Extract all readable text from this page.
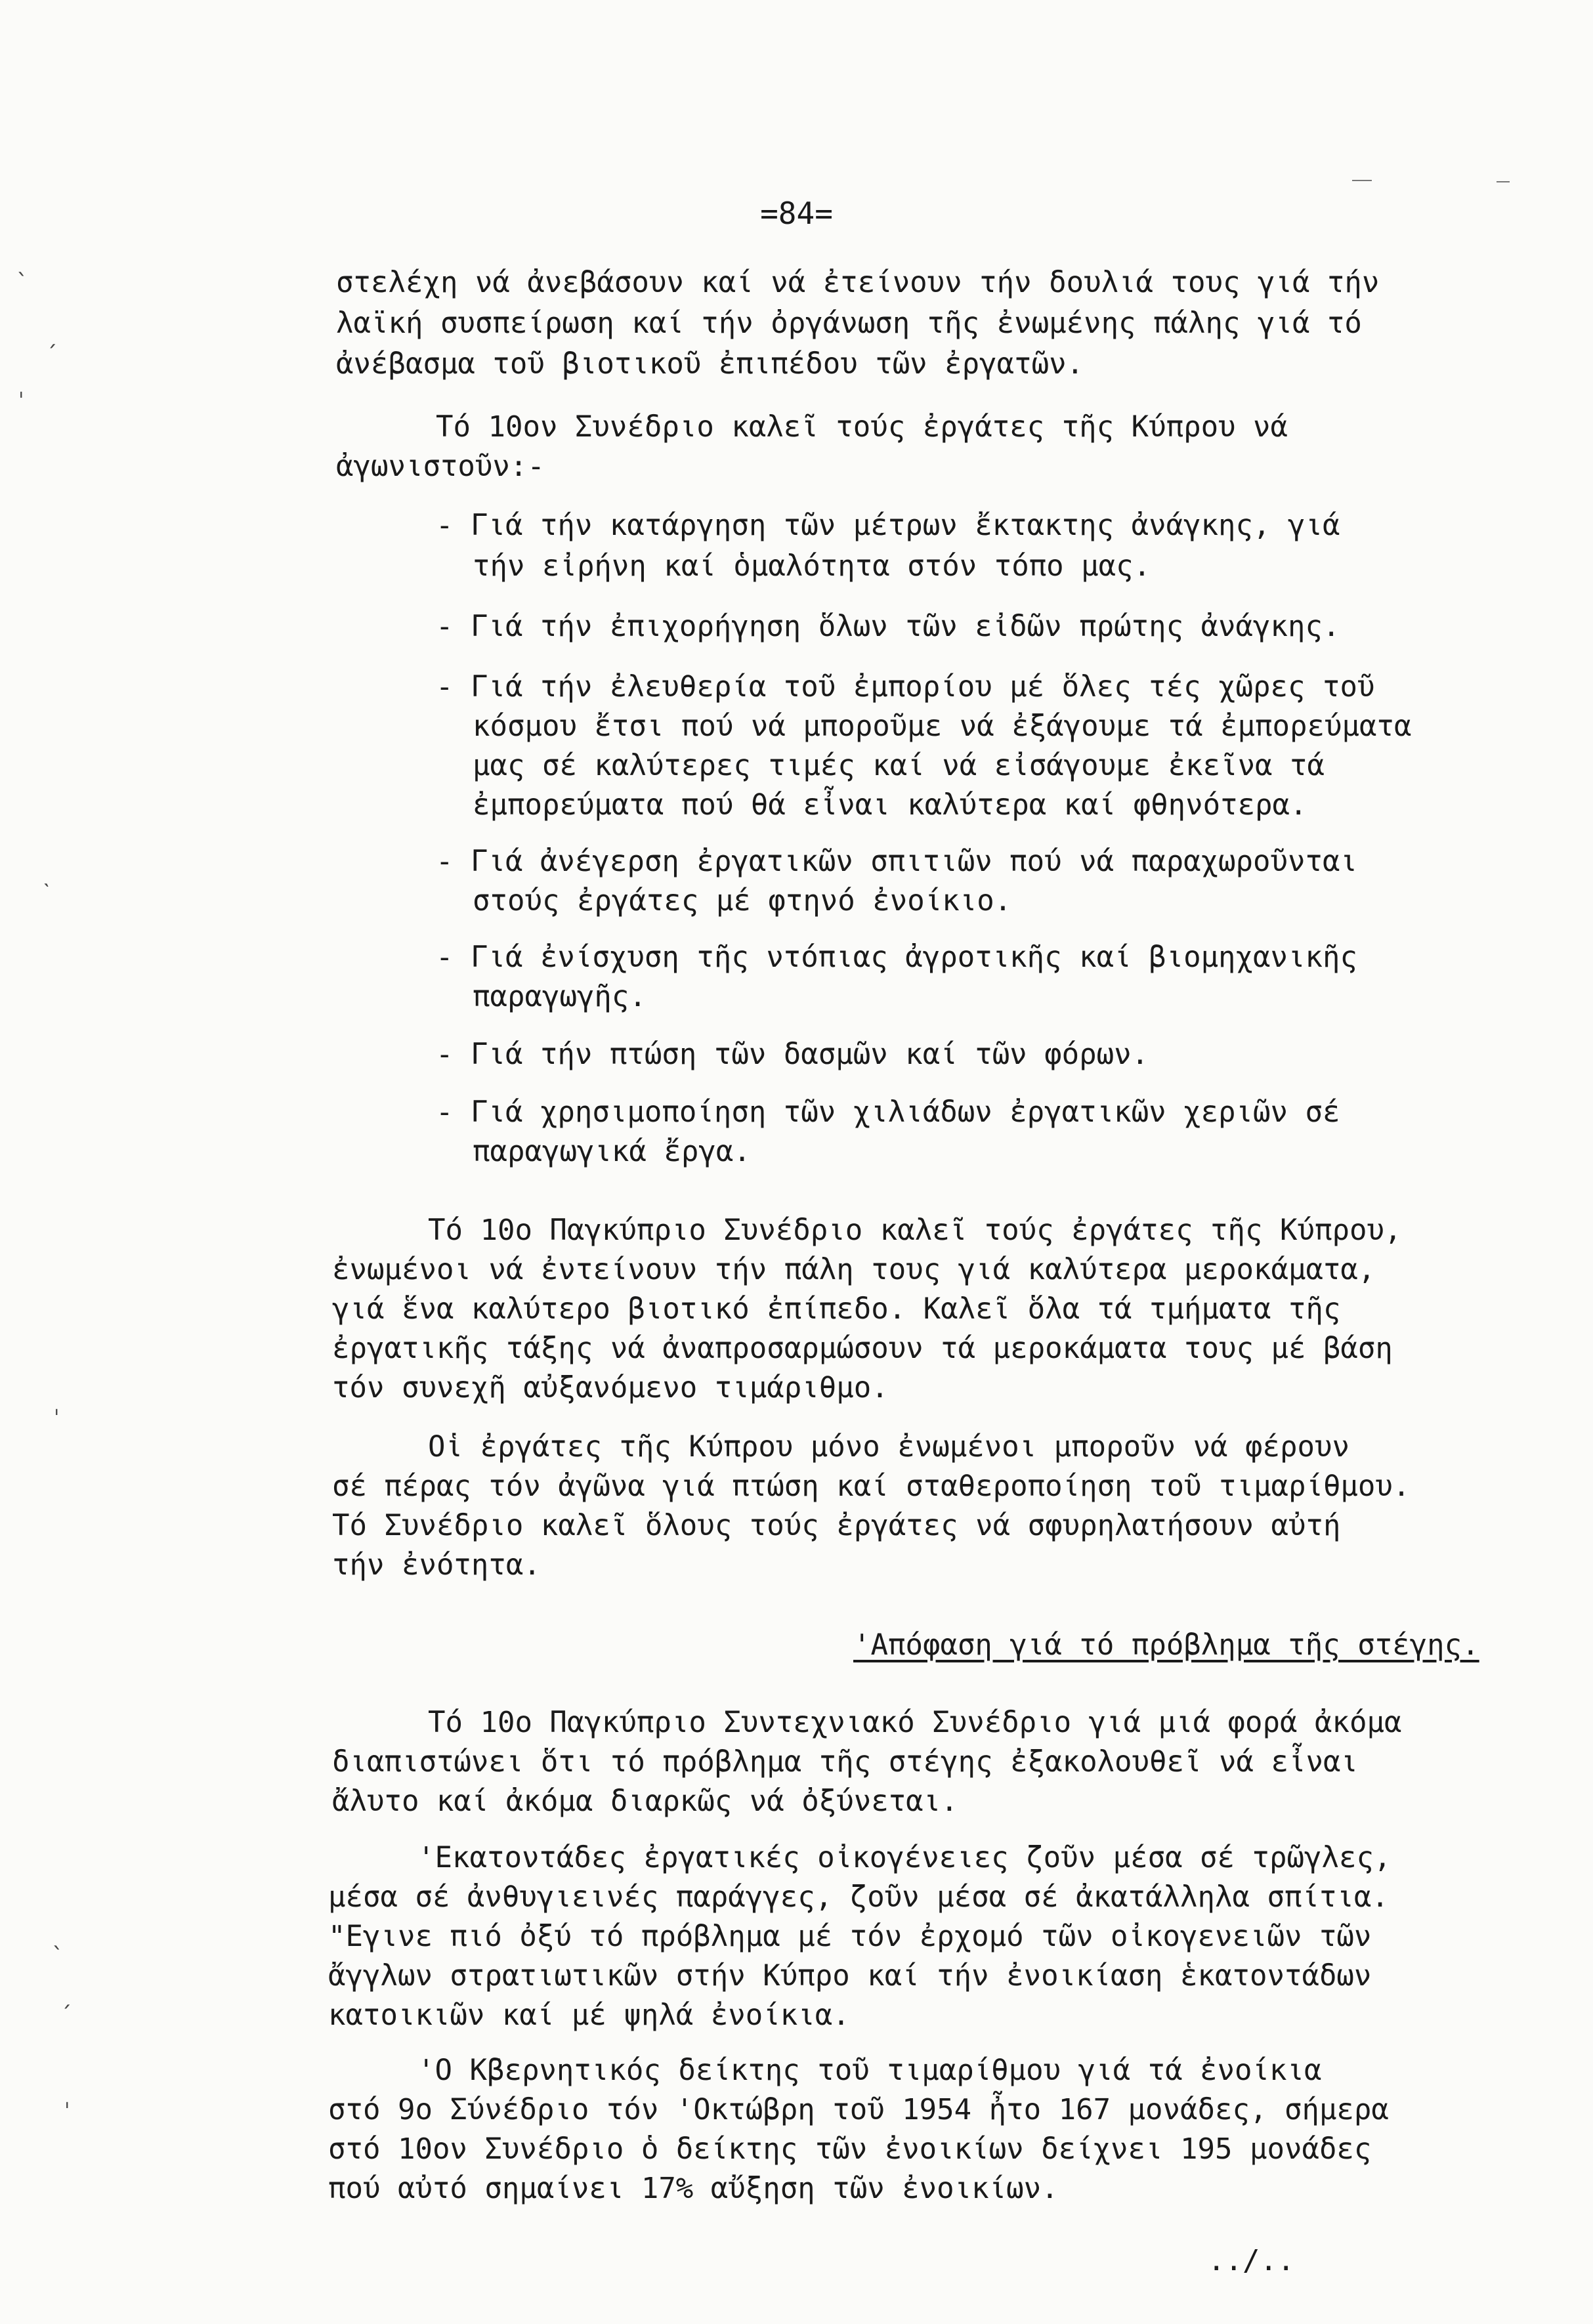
=84=
στελέχη νά ἀνεβάσουν καί νά ἐτείνουν τήν δουλιά τους γιά τήν
λαϊκή συσπείρωση καί τήν ὀργάνωση τῆς ἐνωμένης πάλης γιά τό
ἀνέβασμα τοῦ βιοτικοῦ ἐπιπέδου τῶν ἐργατῶν.
Τό 10ον Συνέδριο καλεῖ τούς ἐργάτες τῆς Κύπρου νά
ἀγωνιστοῦν:-
- Γιά τήν κατάργηση τῶν μέτρων ἔκτακτης ἀνάγκης, γιά
τήν εἰρήνη καί ὁμαλότητα στόν τόπο μας.
- Γιά τήν ἐπιχορήγηση ὅλων τῶν εἰδῶν πρώτης ἀνάγκης.
- Γιά τήν ἐλευθερία τοῦ ἐμπορίου μέ ὅλες τές χῶρες τοῦ
κόσμου ἔτσι πού νά μποροῦμε νά ἐξάγουμε τά ἐμπορεύματα
μας σέ καλύτερες τιμές καί νά εἰσάγουμε ἐκεῖνα τά
ἐμπορεύματα πού θά εἶναι καλύτερα καί φθηνότερα.
- Γιά ἀνέγερση ἐργατικῶν σπιτιῶν πού νά παραχωροῦνται
στούς ἐργάτες μέ φτηνό ἐνοίκιο.
- Γιά ἐνίσχυση τῆς ντόπιας ἀγροτικῆς καί βιομηχανικῆς
παραγωγῆς.
- Γιά τήν πτώση τῶν δασμῶν καί τῶν φόρων.
- Γιά χρησιμοποίηση τῶν χιλιάδων ἐργατικῶν χεριῶν σέ
παραγωγικά ἔργα.
Τό 10ο Παγκύπριο Συνέδριο καλεῖ τούς ἐργάτες τῆς Κύπρου,
ἐνωμένοι νά ἐντείνουν τήν πάλη τους γιά καλύτερα μεροκάματα,
γιά ἕνα καλύτερο βιοτικό ἐπίπεδο. Καλεῖ ὅλα τά τμήματα τῆς
ἐργατικῆς τάξης νά ἀναπροσαρμώσουν τά μεροκάματα τους μέ βάση
τόν συνεχῆ αὐξανόμενο τιμάριθμο.
Οἱ ἐργάτες τῆς Κύπρου μόνο ἐνωμένοι μποροῦν νά φέρουν
σέ πέρας τόν ἀγῶνα γιά πτώση καί σταθεροποίηση τοῦ τιμαρίθμου.
Τό Συνέδριο καλεῖ ὅλους τούς ἐργάτες νά σφυρηλατήσουν αὐτή
τήν ἐνότητα.
'Απόφαση γιά τό πρόβλημα τῆς στέγης.
Τό 10ο Παγκύπριο Συντεχνιακό Συνέδριο γιά μιά φορά ἀκόμα
διαπιστώνει ὅτι τό πρόβλημα τῆς στέγης ἐξακολουθεῖ νά εἶναι
ἄλυτο καί ἀκόμα διαρκῶς νά ὀξύνεται.
'Εκατοντάδες ἐργατικές οἰκογένειες ζοῦν μέσα σέ τρῶγλες,
μέσα σέ ἀνθυγιεινές παράγγες, ζοῦν μέσα σέ ἀκατάλληλα σπίτια.
"Εγινε πιό ὀξύ τό πρόβλημα μέ τόν ἐρχομό τῶν οἰκογενειῶν τῶν
ἄγγλων στρατιωτικῶν στήν Κύπρο καί τήν ἐνοικίαση ἑκατοντάδων
κατοικιῶν καί μέ ψηλά ἐνοίκια.
'Ο Κ̄βερνητικός δείκτης τοῦ τιμαρίθμου γιά τά ἐνοίκια
στό 9ο Σύνέδριο τόν 'Οκτώβρη τοῦ 1954 ἦτο 167 μονάδες, σήμερα
στό 10ον Συνέδριο ὁ δείκτης τῶν ἐνοικίων δείχνει 195 μονάδες
πού αὐτό σημαίνει 17% αὔξηση τῶν ἐνοικίων.
../..
ˎ
ˏ
ˌ
ˋ
ˌ
ˎ
ˏ
ˌ
